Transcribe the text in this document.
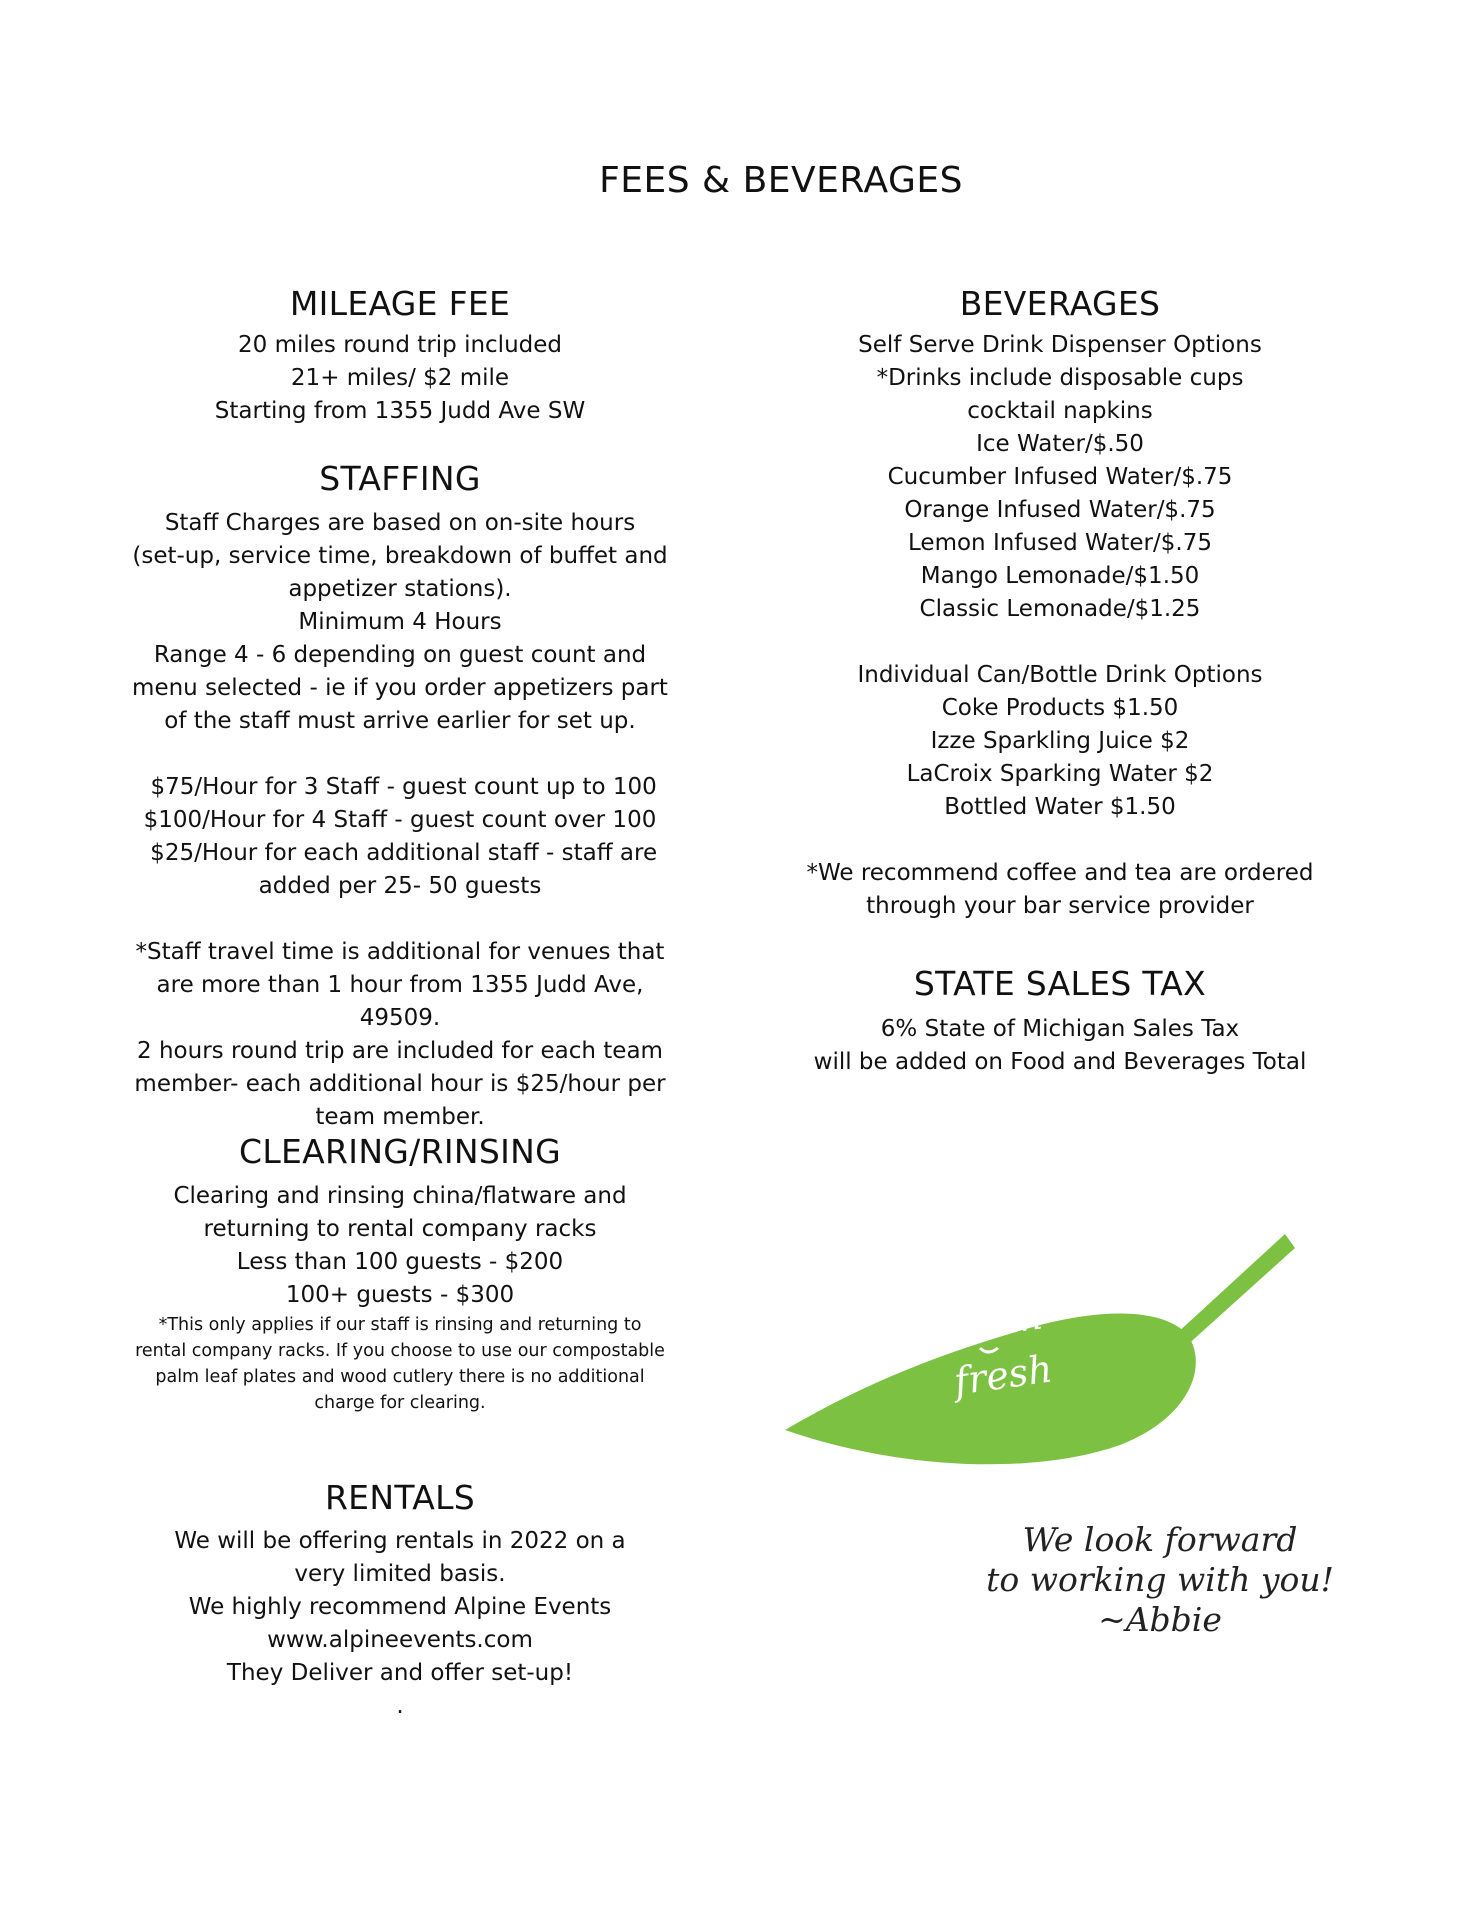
FEES & BEVERAGES
MILEAGE FEE
20 miles round trip included
21+ miles/ $2 mile
Starting from 1355 Judd Ave SW
STAFFING
Staff Charges are based on on-site hours
(set-up, service time, breakdown of buffet and
appetizer stations).
Minimum 4 Hours
Range 4 - 6 depending on guest count and
menu selected - ie if you order appetizers part
of the staff must arrive earlier for set up.
$75/Hour for 3 Staff - guest count up to 100
$100/Hour for 4 Staff - guest count over 100
$25/Hour for each additional staff - staff are
added per 25- 50 guests
*Staff travel time is additional for venues that
are more than 1 hour from 1355 Judd Ave,
49509.
2 hours round trip are included for each team
member- each additional hour is $25/hour per
team member.
CLEARING/RINSING
Clearing and rinsing china/flatware and
returning to rental company racks
Less than 100 guests - $200
100+ guests - $300
*This only applies if our staff is rinsing and returning to
rental company racks. If you choose to use our compostable
palm leaf plates and wood cutlery there is no additional
charge for clearing.
RENTALS
We will be offering rentals in 2022 on a
very limited basis.
We highly recommend Alpine Events
www.alpineevents.com
They Deliver and offer set-up!
.
BEVERAGES
Self Serve Drink Dispenser Options
*Drinks include disposable cups
cocktail napkins
Ice Water/$.50
Cucumber Infused Water/$.75
Orange Infused Water/$.75
Lemon Infused Water/$.75
Mango Lemonade/$1.50
Classic Lemonade/$1.25
Individual Can/Bottle Drink Options
Coke Products $1.50
Izze Sparkling Juice $2
LaCroix Sparking Water $2
Bottled Water $1.50
*We recommend coffee and tea are ordered
through your bar service provider
STATE SALES TAX
6% State of Michigan Sales Tax
will be added on Food and Beverages Total
gettin'
fresh
We look forward
to working with you!
~Abbie
